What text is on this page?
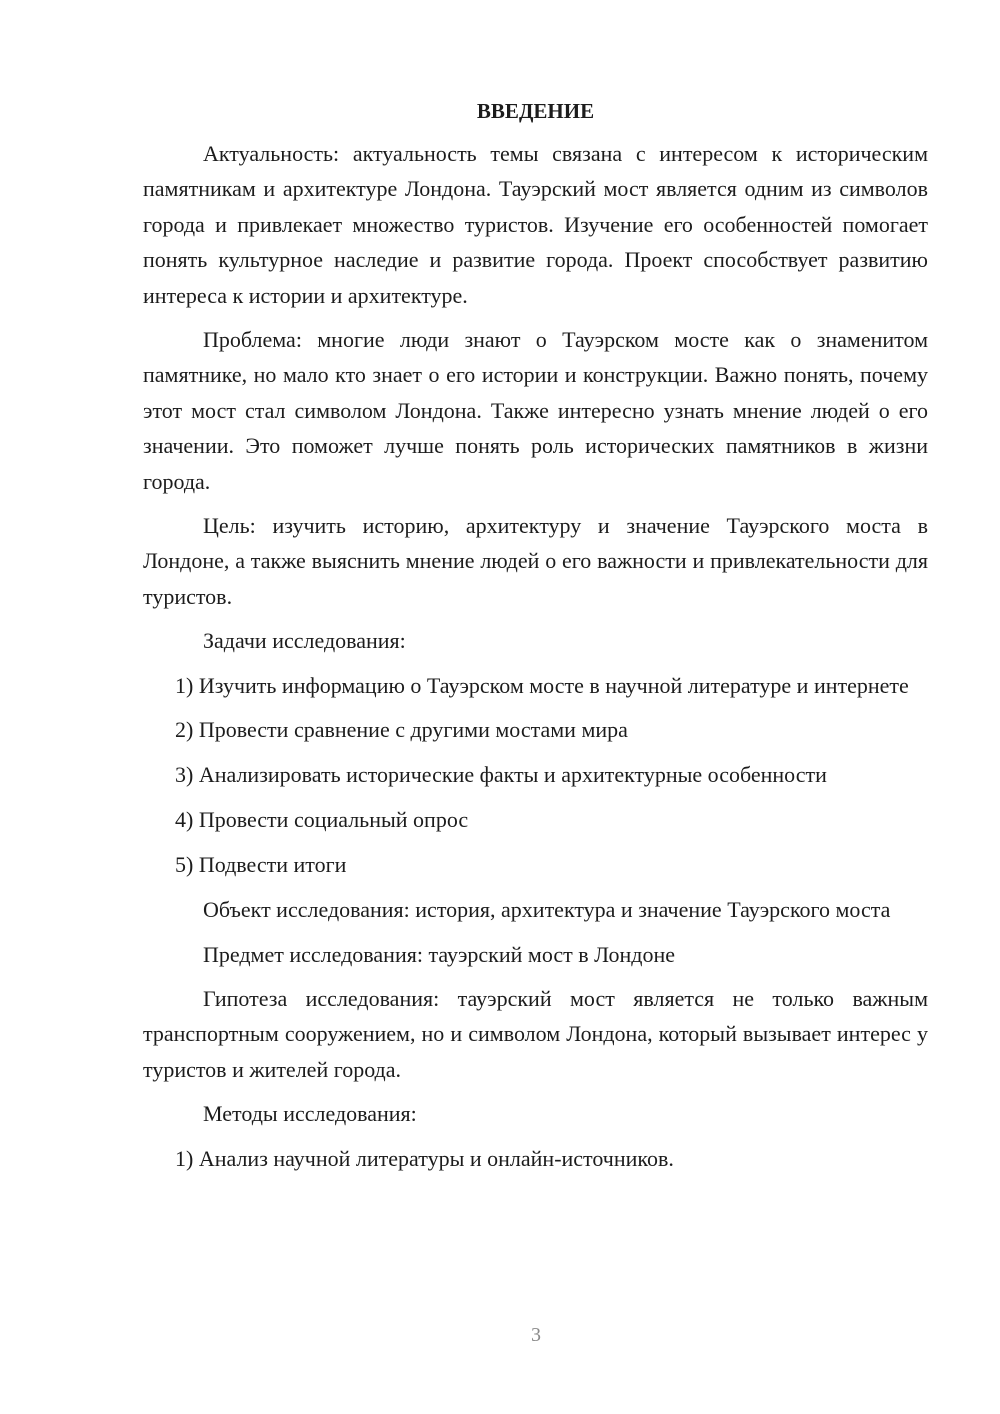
ВВЕДЕНИЕ

Актуальность: актуальность темы связана с интересом к историческим памятникам и архитектуре Лондона. Тауэрский мост является одним из символов города и привлекает множество туристов. Изучение его особенностей помогает понять культурное наследие и развитие города. Проект способствует развитию интереса к истории и архитектуре.

Проблема: многие люди знают о Тауэрском мосте как о знаменитом памятнике, но мало кто знает о его истории и конструкции. Важно понять, почему этот мост стал символом Лондона. Также интересно узнать мнение людей о его значении. Это поможет лучше понять роль исторических памятников в жизни города.

Цель: изучить историю, архитектуру и значение Тауэрского моста в Лондоне, а также выяснить мнение людей о его важности и привлекательности для туристов.

Задачи исследования:

1) Изучить информацию о Тауэрском мосте в научной литературе и интернете

2) Провести сравнение с другими мостами мира

3) Анализировать исторические факты и архитектурные особенности

4) Провести социальный опрос

5) Подвести итоги

Объект исследования: история, архитектура и значение Тауэрского моста

Предмет исследования: тауэрский мост в Лондоне

Гипотеза исследования: тауэрский мост является не только важным транспортным сооружением, но и символом Лондона, который вызывает интерес у туристов и жителей города.

Методы исследования:

1) Анализ научной литературы и онлайн-источников.

3
